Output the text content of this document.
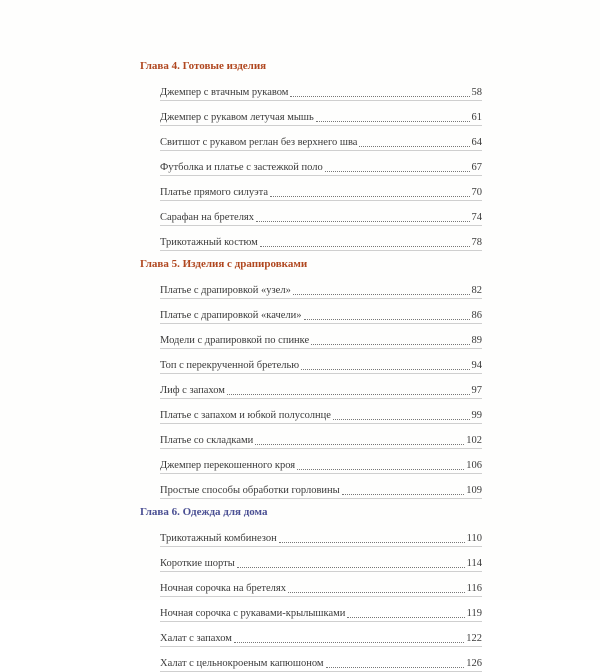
Глава 4. Готовые изделия
Джемпер с втачным рукавом	58
Джемпер с рукавом летучая мышь	61
Свитшот с рукавом реглан без верхнего шва	64
Футболка и платье с застежкой поло	67
Платье прямого силуэта	70
Сарафан на бретелях	74
Трикотажный костюм	78
Глава 5. Изделия с драпировками
Платье с драпировкой «узел»	82
Платье с драпировкой «качели»	86
Модели с драпировкой по спинке	89
Топ с перекрученной бретелью	94
Лиф с запахом	97
Платье с запахом и юбкой полусолнце	99
Платье со складками	102
Джемпер перекошенного кроя	106
Простые способы обработки горловины	109
Глава 6. Одежда для дома
Трикотажный комбинезон	110
Короткие шорты	114
Ночная сорочка на бретелях	116
Ночная сорочка с рукавами-крылышками	119
Халат с запахом	122
Халат с цельнокроеным капюшоном	126
